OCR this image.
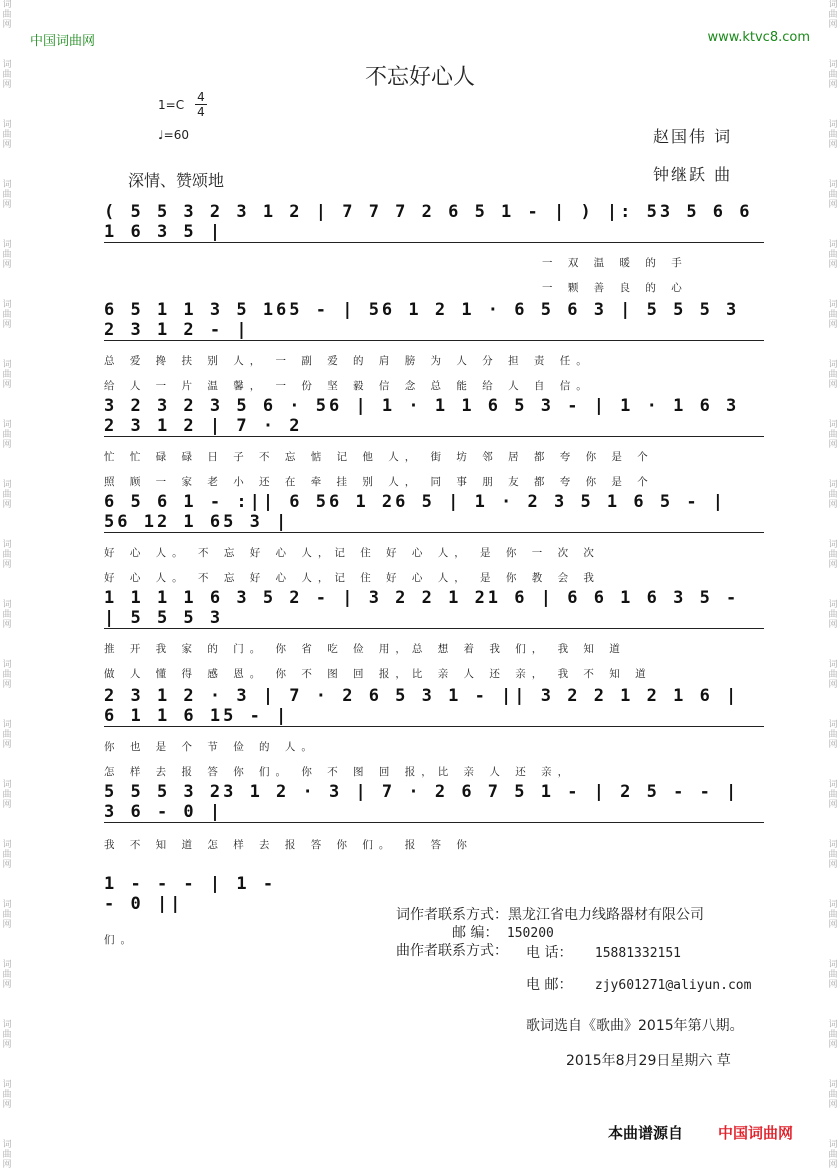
词
曲
网

词
曲
网

词
曲
网

词
曲
网

词
曲
网

词
曲
网

词
曲
网

词
曲
网

词
曲
网

词
曲
网

词
曲
网

词
曲
网

词
曲
网

词
曲
网

词
曲
网

词
曲
网

词
曲
网

词
曲
网

词
曲
网

词
曲
网

词
曲
网

词
曲
网

词
曲
网

词
曲
网

词
曲
网

词
曲
网

词
曲
网

词
曲
网

词
曲
网

词
曲
网

词
曲
网

词
曲
网

词
曲
网

词
曲
网

词
曲
网

词
曲
网

词
曲
网

词
曲
网

词
曲
网

词
曲
网

中国词曲网	www.ktvc8.com
不忘好心人
1=C
4
4
♩=60
深情、赞颂地
赵国伟 词
钟继跃 曲
( 5 5 3 2 3 1 2 | 7 7 7 2 6 5 1 - | ) |: 53 5 6 6 1 6 3 5 |
一 双 温 暖 的 手
一 颗 善 良 的 心
6 5 1 1 3 5 165 - | 56 1 2 1 · 6 5 6 3 | 5 5 5 3 2 3 1 2 - |
总 爱 搀 扶 别 人， 一 副 爱 的 肩 膀 为 人 分 担 责 任。
给 人 一 片 温 馨， 一 份 坚 毅 信 念 总 能 给 人 自 信。
3 2 3 2 3 5 6 · 56 | 1 · 1 1 6 5 3 - | 1 · 1 6 3 2 3 1 2 | 7 · 2
忙 忙 碌 碌 日 子 不 忘 惦 记 他 人， 街 坊 邻 居 都 夸 你 是 个
照 顾 一 家 老 小 还 在 牵 挂 别 人， 同 事 朋 友 都 夸 你 是 个
6 5 6 1 - :|| 6 56 1 26 5 | 1 · 2 3 5 1 6 5 - | 56 12 1 65 3 |
好 心 人。 不 忘 好 心 人，记 住 好 心 人， 是 你 一 次 次
好 心 人。 不 忘 好 心 人，记 住 好 心 人， 是 你 教 会 我
1 1 1 1 6 3 5 2 - | 3 2 2 1 21 6 | 6 6 1 6 3 5 - | 5 5 5 3
推 开 我 家 的 门。 你 省 吃 俭 用，总 想 着 我 们， 我 知 道
做 人 懂 得 感 恩。 你 不 图 回 报，比 亲 人 还 亲， 我 不 知 道
2 3 1 2 · 3 | 7 · 2 6 5 3 1 - || 3 2 2 1 2 1 6 | 6 1 1 6 15 - |
你 也 是 个 节 俭 的 人。
怎 样 去 报 答 你 们。 你 不 图 回 报，比 亲 人 还 亲，
5 5 5 3 23 1 2 · 3 | 7 · 2 6 7 5 1 - | 2 5 - - | 3 6 - 0 |
我 不 知 道 怎 样 去 报 答 你 们。 报 答 你
1 - - - | 1 - - 0 ||
们。
词作者联系方式：黑龙江省电力线路器材有限公司
邮 编： 150200
曲作者联系方式： 电 话： 15881332151
电 邮： zjy601271@aliyun.com
歌词选自《歌曲》2015年第八期。
2015年8月29日星期六 草
本曲谱源自 中国词曲网
